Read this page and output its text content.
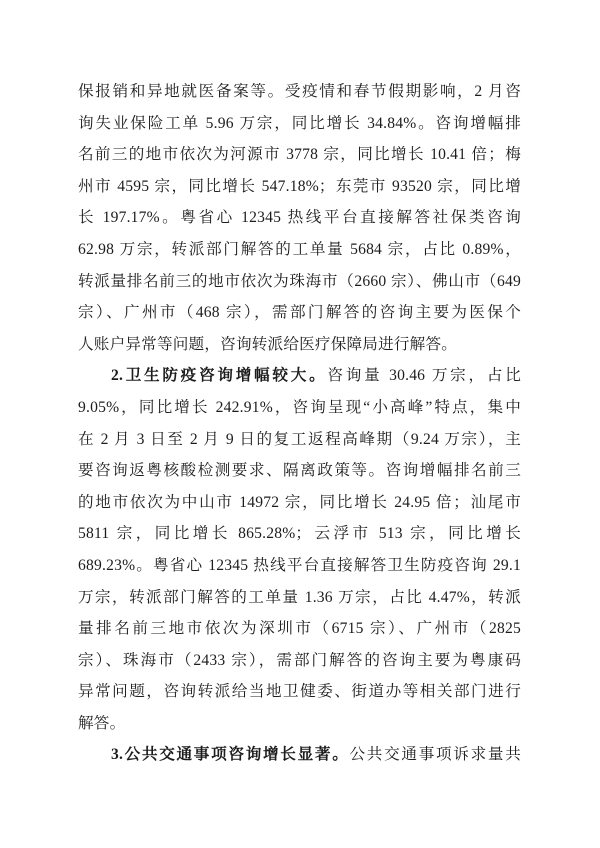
保报销和异地就医备案等。受疫情和春节假期影响，2 月咨
询失业保险工单 5.96 万宗，同比增长 34.84%。咨询增幅排
名前三的地市依次为河源市 3778 宗，同比增长 10.41 倍；梅
州市 4595 宗，同比增长 547.18%；东莞市 93520 宗，同比增
长 197.17%。粤省心 12345 热线平台直接解答社保类咨询
62.98 万宗，转派部门解答的工单量 5684 宗，占比 0.89%，
转派量排名前三的地市依次为珠海市（2660 宗）、佛山市（649
宗）、广州市（468 宗），需部门解答的咨询主要为医保个
人账户异常等问题，咨询转派给医疗保障局进行解答。
2.卫生防疫咨询增幅较大。咨询量 30.46 万宗，占比
9.05%，同比增长 242.91%，咨询呈现“小高峰”特点，集中
在 2 月 3 日至 2 月 9 日的复工返程高峰期（9.24 万宗），主
要咨询返粤核酸检测要求、隔离政策等。咨询增幅排名前三
的地市依次为中山市 14972 宗，同比增长 24.95 倍；汕尾市
5811 宗，同比增长 865.28%；云浮市 513 宗，同比增长
689.23%。粤省心 12345 热线平台直接解答卫生防疫咨询 29.1
万宗，转派部门解答的工单量 1.36 万宗，占比 4.47%，转派
量排名前三地市依次为深圳市（6715 宗）、广州市（2825
宗）、珠海市（2433 宗），需部门解答的咨询主要为粤康码
异常问题，咨询转派给当地卫健委、街道办等相关部门进行
解答。
3.公共交通事项咨询增长显著。公共交通事项诉求量共
